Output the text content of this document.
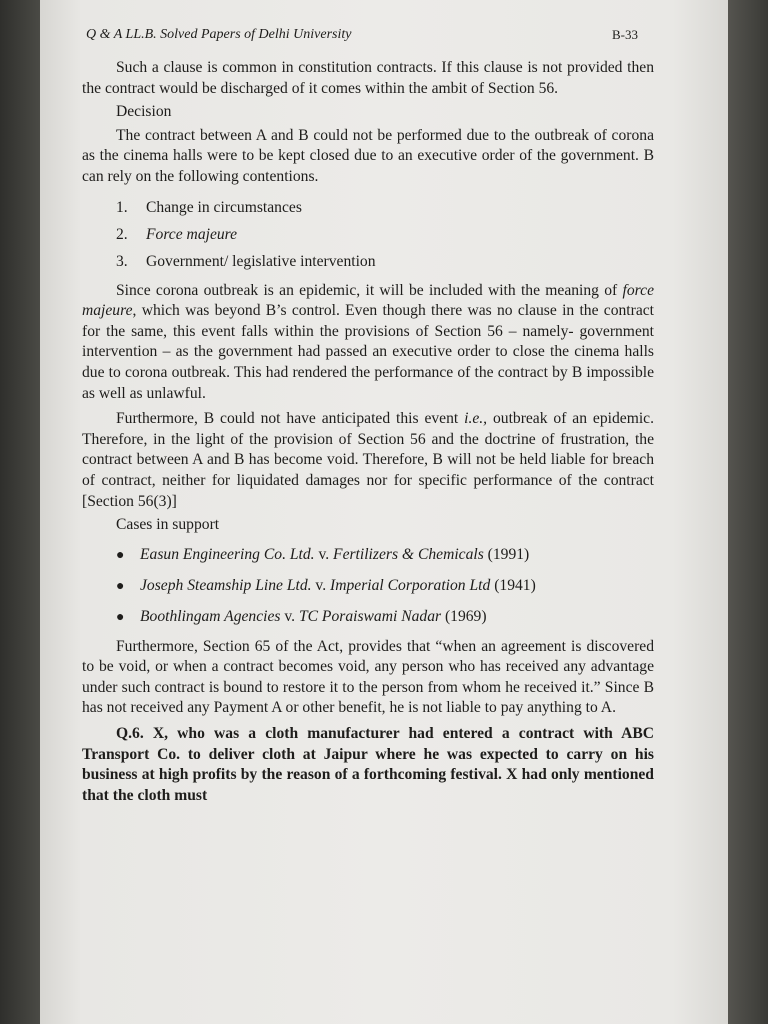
Q & A LL.B. Solved Papers of Delhi University	B-33

Such a clause is common in constitution contracts. If this clause is not provided then the contract would be discharged of it comes within the ambit of Section 56.

Decision

The contract between A and B could not be performed due to the outbreak of corona as the cinema halls were to be kept closed due to an executive order of the government. B can rely on the following contentions.

1. Change in circumstances
2. Force majeure
3. Government/ legislative intervention

Since corona outbreak is an epidemic, it will be included with the meaning of force majeure, which was beyond B’s control. Even though there was no clause in the contract for the same, this event falls within the provisions of Section 56 – namely- government intervention – as the government had passed an executive order to close the cinema halls due to corona outbreak. This had rendered the performance of the contract by B impossible as well as unlawful.

Furthermore, B could not have anticipated this event i.e., outbreak of an epidemic. Therefore, in the light of the provision of Section 56 and the doctrine of frustration, the contract between A and B has become void. Therefore, B will not be held liable for breach of contract, neither for liquidated damages nor for specific performance of the contract [Section 56(3)]

Cases in support

● Easun Engineering Co. Ltd. v. Fertilizers & Chemicals (1991)
● Joseph Steamship Line Ltd. v. Imperial Corporation Ltd (1941)
● Boothlingam Agencies v. TC Poraiswami Nadar (1969)

Furthermore, Section 65 of the Act, provides that “when an agreement is discovered to be void, or when a contract becomes void, any person who has received any advantage under such contract is bound to restore it to the person from whom he received it.” Since B has not received any Payment A or other benefit, he is not liable to pay anything to A.

Q.6. X, who was a cloth manufacturer had entered a contract with ABC Transport Co. to deliver cloth at Jaipur where he was expected to carry on his business at high profits by the reason of a forthcoming festival. X had only mentioned that the cloth must
